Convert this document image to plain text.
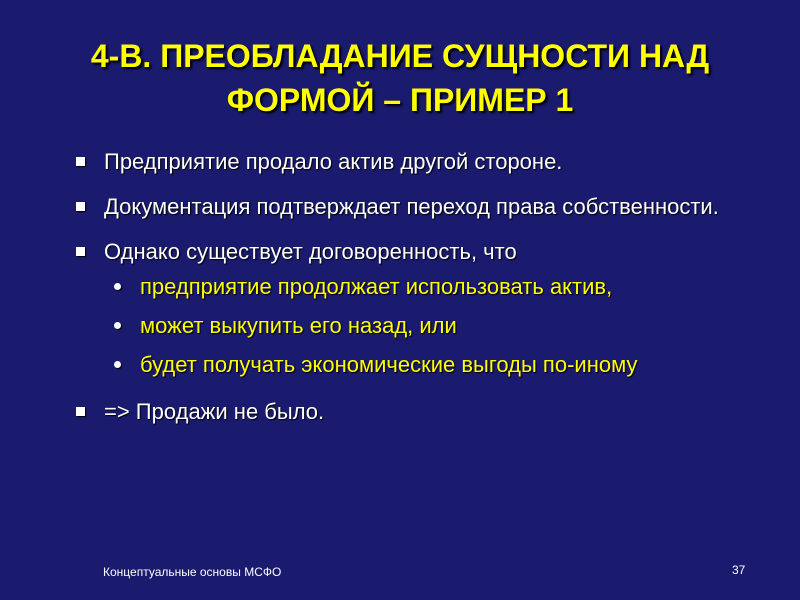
4-В. ПРЕОБЛАДАНИЕ СУЩНОСТИ НАД
ФОРМОЙ – ПРИМЕР 1
Предприятие продало актив другой стороне.
Документация подтверждает переход права собственности.
Однако существует договоренность, что
предприятие продолжает использовать актив,
может выкупить его назад, или
будет получать экономические выгоды по-иному
=> Продажи не было.
Концептуальные основы МСФО	37
